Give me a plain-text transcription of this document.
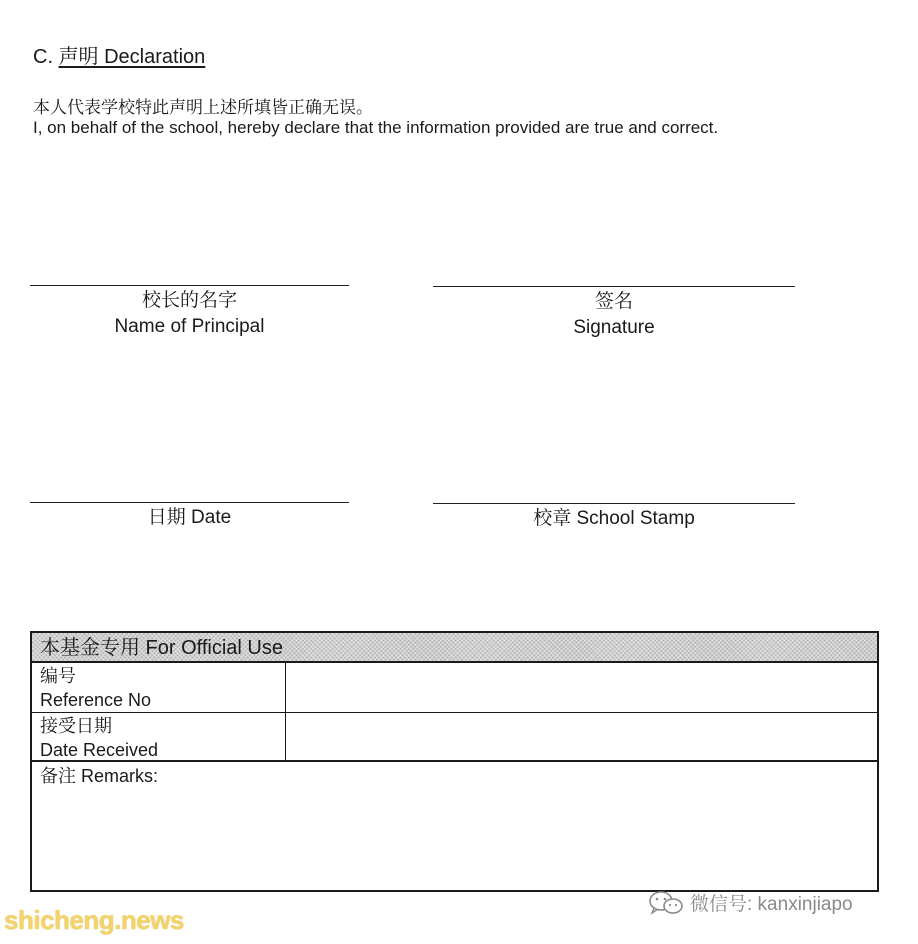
C. 声明 Declaration
本人代表学校特此声明上述所填皆正确无误。
I, on behalf of the school, hereby declare that the information provided are true and correct.
校长的名字
Name of Principal
签名
Signature
日期 Date	校章 School Stamp
本基金专用 For Official Use
编号
Reference No
接受日期
Date Received
备注 Remarks:
shicheng.news
微信号: kanxinjiapo
